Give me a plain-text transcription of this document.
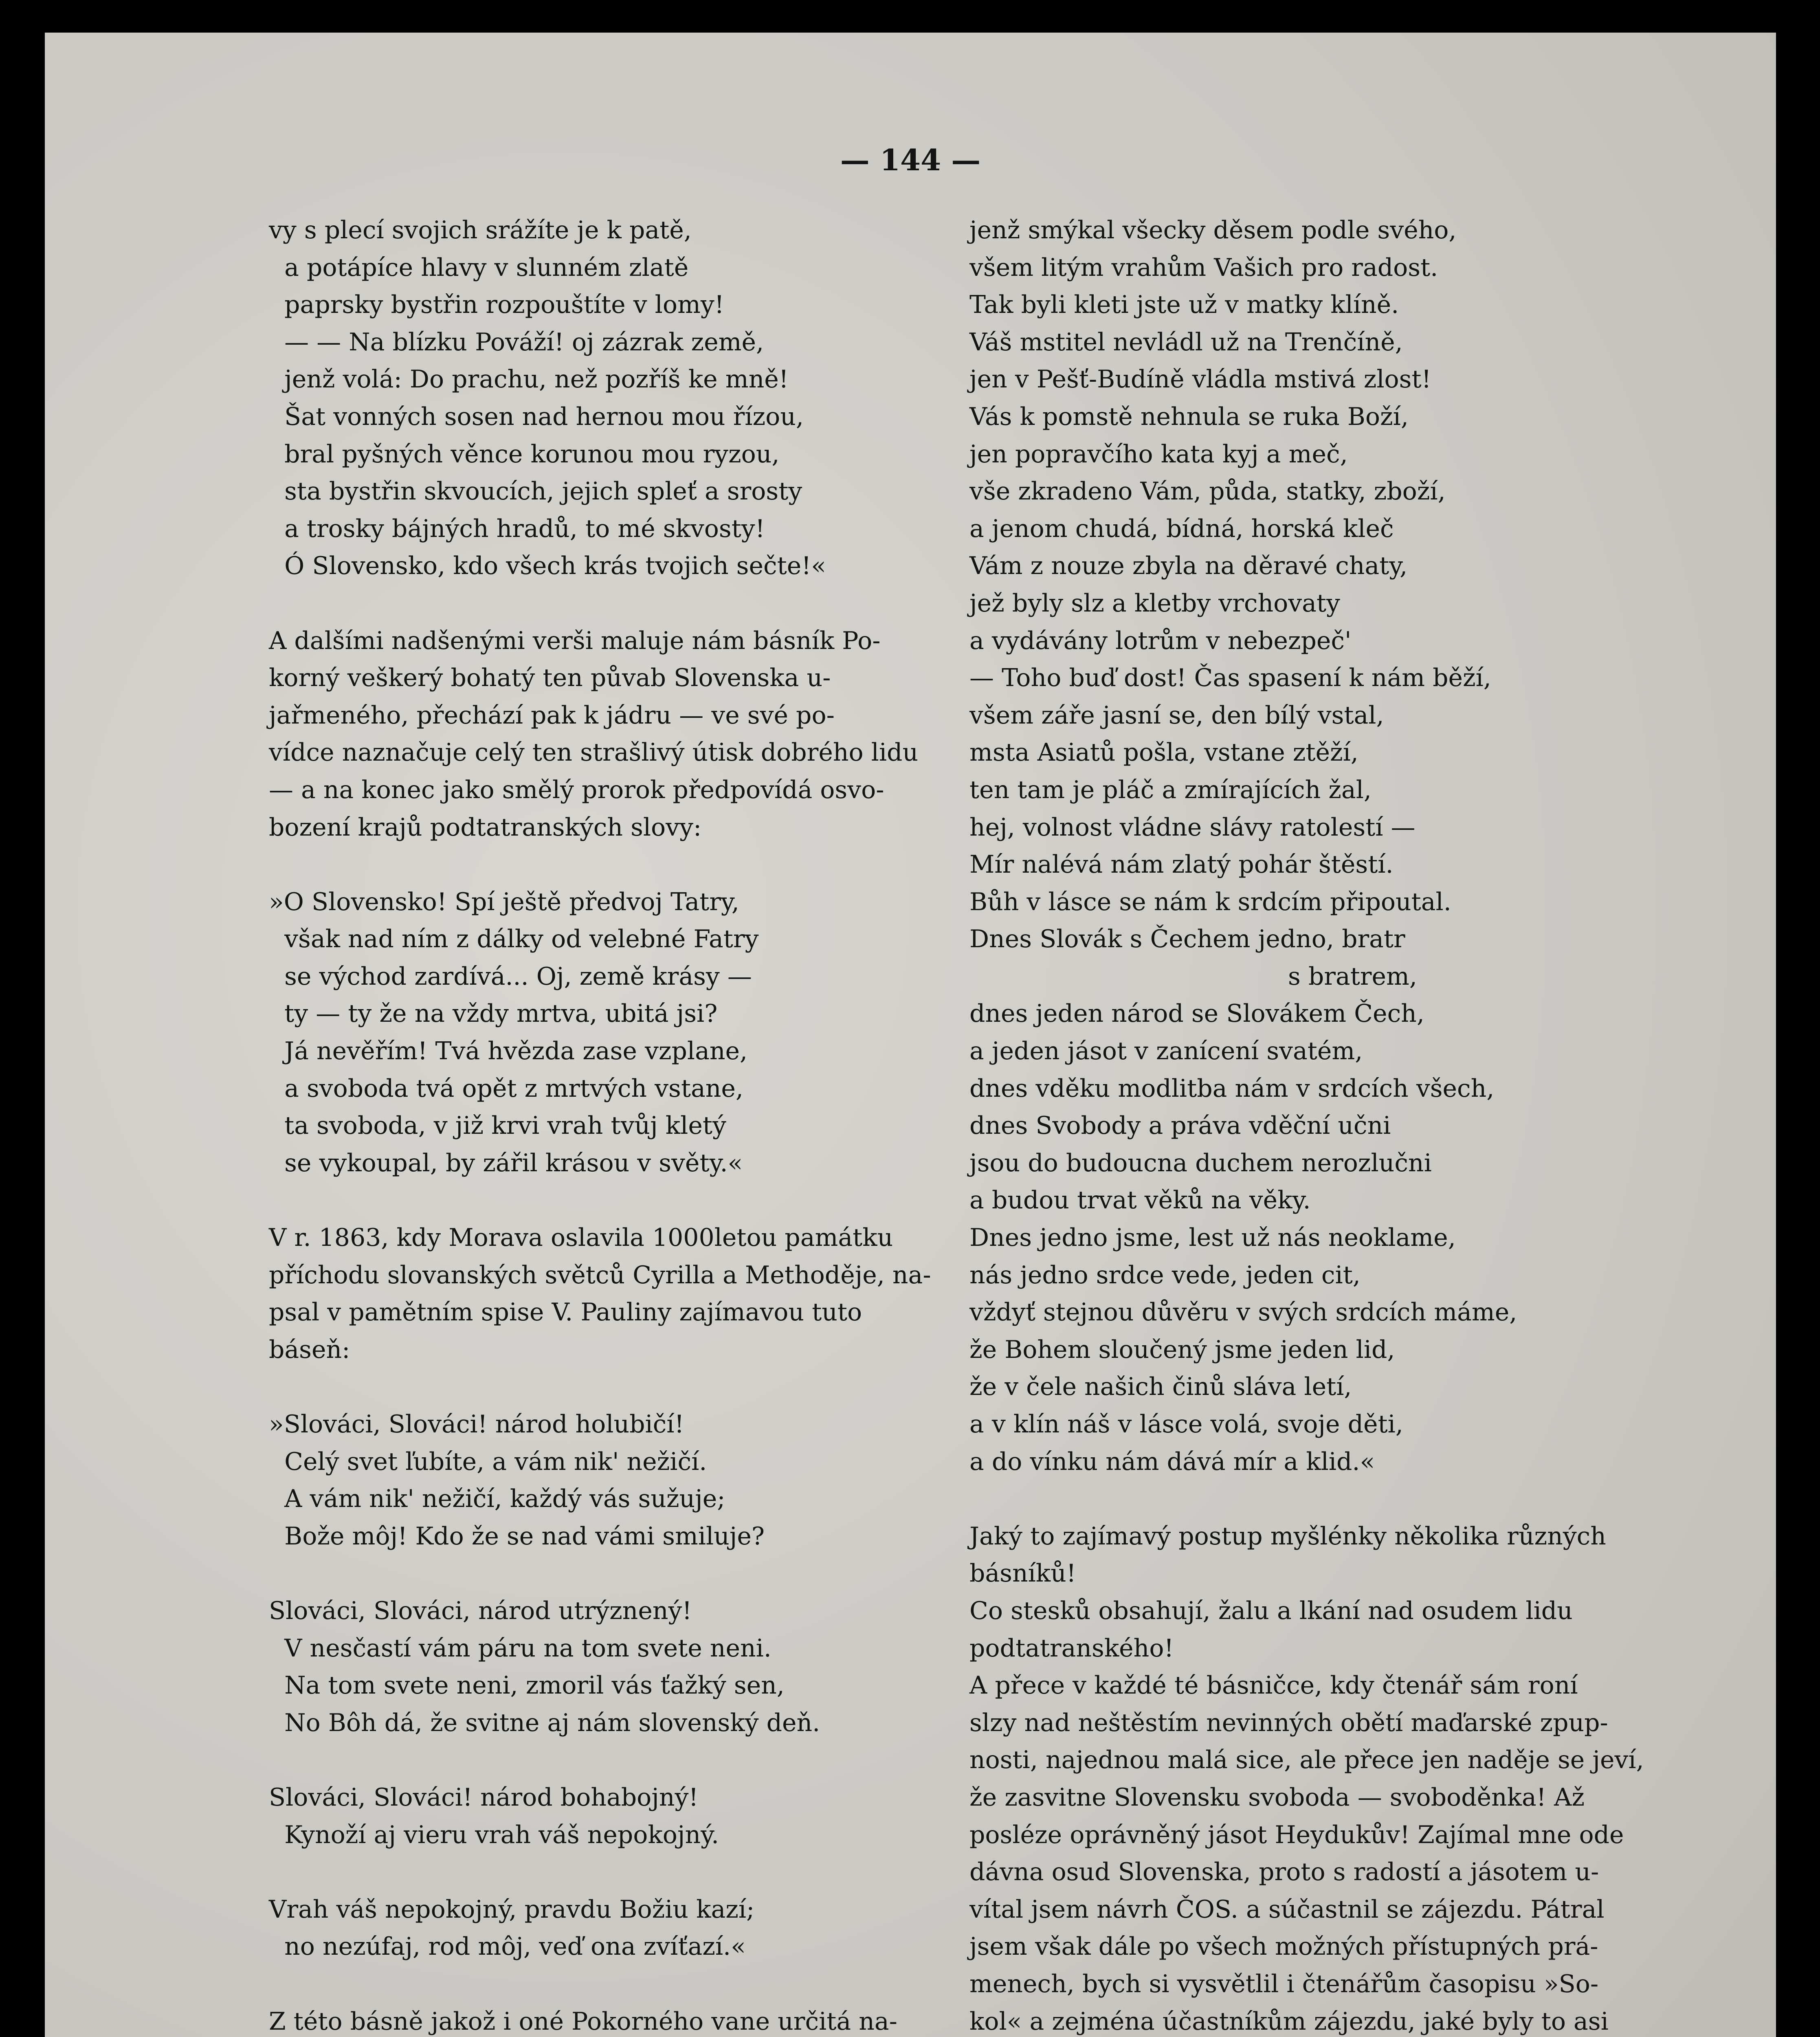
— 144 —
vy s plecí svojich srážíte je k patě,
a potápíce hlavy v slunném zlatě
paprsky bystřin rozpouštíte v lomy!
— — Na blízku Pováží! oj zázrak země,
jenž volá: Do prachu, než pozříš ke mně!
Šat vonných sosen nad hernou mou řízou,
bral pyšných věnce korunou mou ryzou,
sta bystřin skvoucích, jejich spleť a srosty
a trosky bájných hradů, to mé skvosty!
Ó Slovensko, kdo všech krás tvojich sečte!«
A dalšími nadšenými verši maluje nám básník Po-
korný veškerý bohatý ten půvab Slovenska u-
jařmeného, přechází pak k jádru — ve své po-
vídce naznačuje celý ten strašlivý útisk dobrého lidu
— a na konec jako smělý prorok předpovídá osvo-
bození krajů podtatranských slovy:
»O Slovensko! Spí ještě předvoj Tatry,
však nad ním z dálky od velebné Fatry
se východ zardívá... Oj, země krásy —
ty — ty že na vždy mrtva, ubitá jsi?
Já nevěřím! Tvá hvězda zase vzplane,
a svoboda tvá opět z mrtvých vstane,
ta svoboda, v již krvi vrah tvůj kletý
se vykoupal, by zářil krásou v světy.«
V r. 1863, kdy Morava oslavila 1000letou památku
příchodu slovanských světců Cyrilla a Methoděje, na-
psal v pamětním spise V. Pauliny zajímavou tuto
báseň:
»Slováci, Slováci! národ holubičí!
Celý svet ľubíte, a vám nik' nežičí.
A vám nik' nežičí, každý vás sužuje;
Bože môj! Kdo že se nad vámi smiluje?
Slováci, Slováci, národ utrýznený!
V nesčastí vám páru na tom svete neni.
Na tom svete neni, zmoril vás ťažký sen,
No Bôh dá, že svitne aj nám slovenský deň.
Slováci, Slováci! národ bohabojný!
Kynoží aj vieru vrah váš nepokojný.
Vrah váš nepokojný, pravdu Božiu kazí;
no nezúfaj, rod môj, veď ona zvíťazí.«
Z této básně jakož i oné Pokorného vane určitá na-
jenž smýkal všecky děsem podle svého,
všem litým vrahům Vašich pro radost.
Tak byli kleti jste už v matky klíně.
Váš mstitel nevládl už na Trenčíně,
jen v Pešť-Budíně vládla mstivá zlost!
Vás k pomstě nehnula se ruka Boží,
jen popravčího kata kyj a meč,
vše zkradeno Vám, půda, statky, zboží,
a jenom chudá, bídná, horská kleč
Vám z nouze zbyla na děravé chaty,
jež byly slz a kletby vrchovaty
a vydávány lotrům v nebezpeč'
— Toho buď dost! Čas spasení k nám běží,
všem záře jasní se, den bílý vstal,
msta Asiatů pošla, vstane ztěží,
ten tam je pláč a zmírajících žal,
hej, volnost vládne slávy ratolestí —
Mír nalévá nám zlatý pohár štěstí.
Bůh v lásce se nám k srdcím připoutal.
Dnes Slovák s Čechem jedno, bratr
s bratrem,
dnes jeden národ se Slovákem Čech,
a jeden jásot v zanícení svatém,
dnes vděku modlitba nám v srdcích všech,
dnes Svobody a práva vděční učni
jsou do budoucna duchem nerozlučni
a budou trvat věků na věky.
Dnes jedno jsme, lest už nás neoklame,
nás jedno srdce vede, jeden cit,
vždyť stejnou důvěru v svých srdcích máme,
že Bohem sloučený jsme jeden lid,
že v čele našich činů sláva letí,
a v klín náš v lásce volá, svoje děti,
a do vínku nám dává mír a klid.«
Jaký to zajímavý postup myšlénky několika různých
básníků!
Co stesků obsahují, žalu a lkání nad osudem lidu
podtatranského!
A přece v každé té básničce, kdy čtenář sám roní
slzy nad neštěstím nevinných obětí maďarské zpup-
nosti, najednou malá sice, ale přece jen naděje se jeví,
že zasvitne Slovensku svoboda — svoboděnka! Až
posléze oprávněný jásot Heydukův! Zajímal mne ode
dávna osud Slovenska, proto s radostí a jásotem u-
vítal jsem návrh ČOS. a súčastnil se zájezdu. Pátral
jsem však dále po všech možných přístupných prá-
menech, bych si vysvětlil i čtenářům časopisu »So-
kol« a zejména účastníkům zájezdu, jaké byly to asi
